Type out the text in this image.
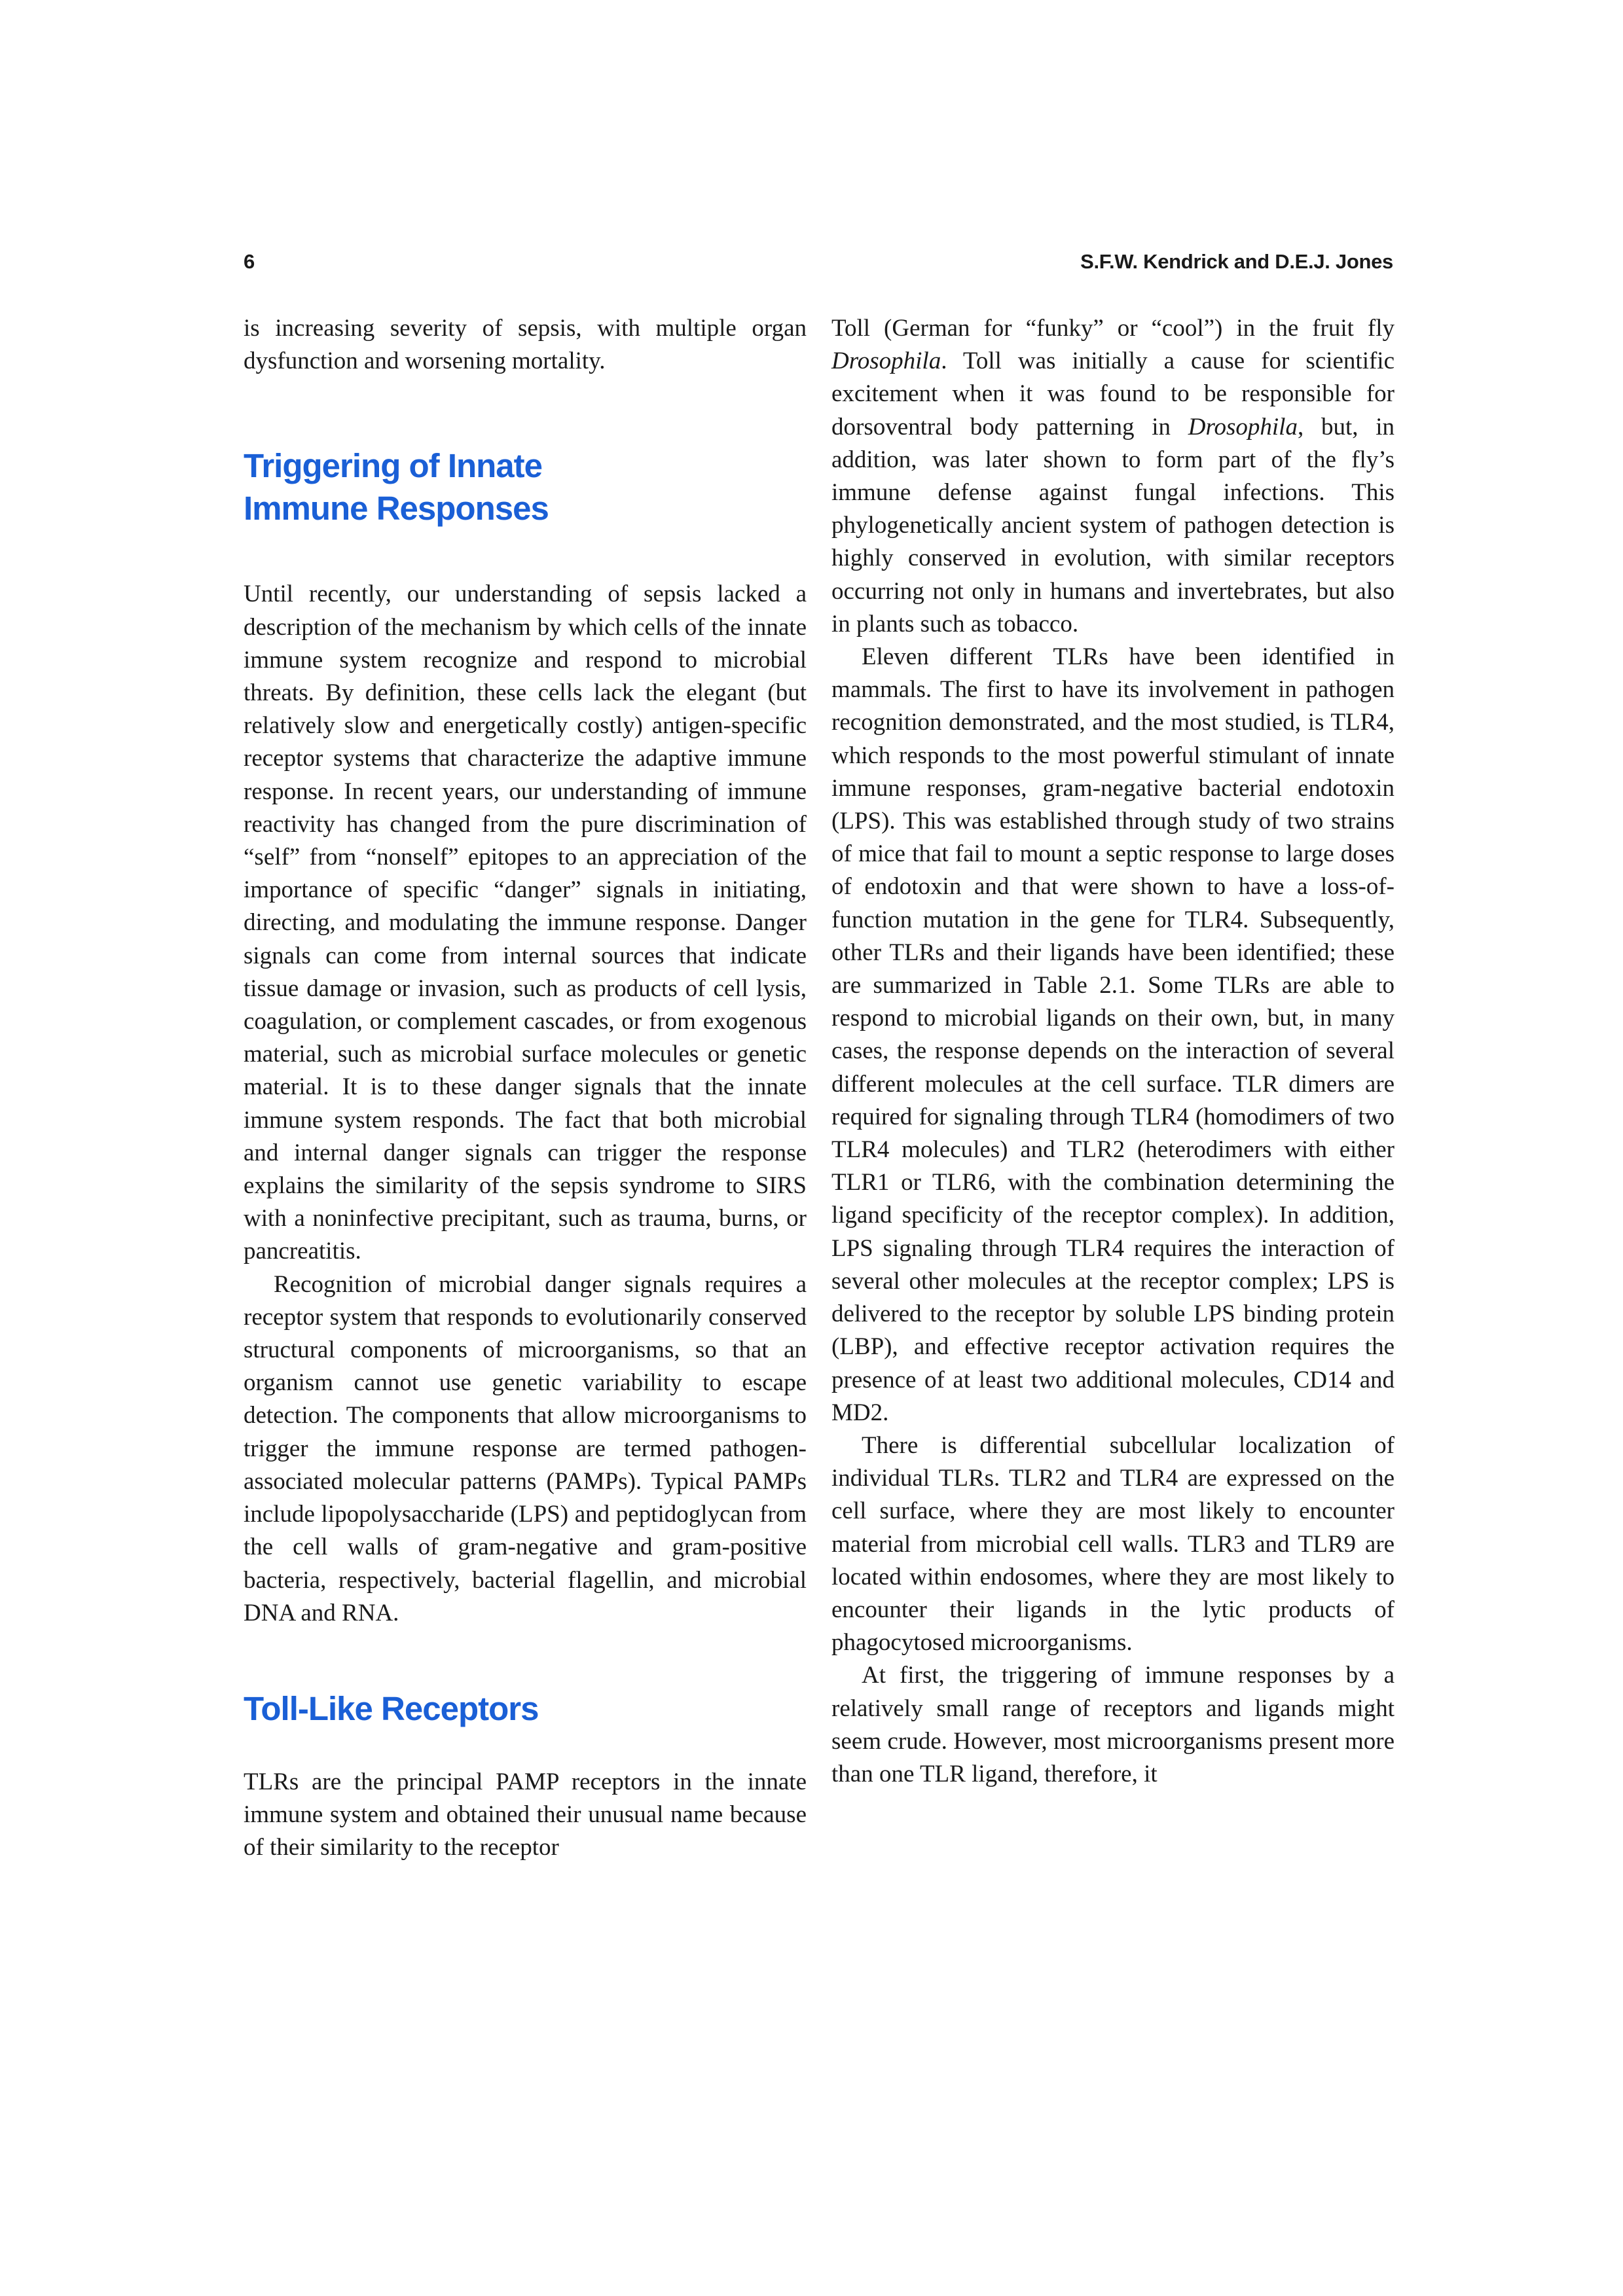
6	S.F.W. Kendrick and D.E.J. Jones

is increasing severity of sepsis, with multiple organ dysfunction and worsening mortality.

Triggering of Innate
Immune Responses

Until recently, our understanding of sepsis lacked a description of the mechanism by which cells of the innate immune system recognize and respond to microbial threats. By definition, these cells lack the elegant (but relatively slow and energetically costly) antigen-specific receptor systems that characterize the adaptive immune response. In recent years, our understanding of immune reactivity has changed from the pure discrimination of “self” from “nonself” epitopes to an appreciation of the importance of specific “danger” signals in initiating, directing, and modulating the immune response. Danger signals can come from internal sources that indicate tissue damage or invasion, such as products of cell lysis, coagulation, or complement cascades, or from exogenous material, such as microbial surface molecules or genetic material. It is to these danger signals that the innate immune system responds. The fact that both microbial and internal danger signals can trigger the response explains the similarity of the sepsis syndrome to SIRS with a noninfective precipitant, such as trauma, burns, or pancreatitis.

Recognition of microbial danger signals requires a receptor system that responds to evolutionarily conserved structural components of microorganisms, so that an organism cannot use genetic variability to escape detection. The components that allow microorganisms to trigger the immune response are termed pathogen-associated molecular patterns (PAMPs). Typical PAMPs include lipopolysaccharide (LPS) and peptidoglycan from the cell walls of gram-negative and gram-positive bacteria, respectively, bacterial flagellin, and microbial DNA and RNA.

Toll-Like Receptors

TLRs are the principal PAMP receptors in the innate immune system and obtained their unusual name because of their similarity to the receptor

Toll (German for “funky” or “cool”) in the fruit fly Drosophila. Toll was initially a cause for scientific excitement when it was found to be responsible for dorsoventral body patterning in Drosophila, but, in addition, was later shown to form part of the fly’s immune defense against fungal infections. This phylogenetically ancient system of pathogen detection is highly conserved in evolution, with similar receptors occurring not only in humans and invertebrates, but also in plants such as tobacco.

Eleven different TLRs have been identified in mammals. The first to have its involvement in pathogen recognition demonstrated, and the most studied, is TLR4, which responds to the most powerful stimulant of innate immune responses, gram-negative bacterial endotoxin (LPS). This was established through study of two strains of mice that fail to mount a septic response to large doses of endotoxin and that were shown to have a loss-of-function mutation in the gene for TLR4. Subsequently, other TLRs and their ligands have been identified; these are summarized in Table 2.1. Some TLRs are able to respond to microbial ligands on their own, but, in many cases, the response depends on the interaction of several different molecules at the cell surface. TLR dimers are required for signaling through TLR4 (homodimers of two TLR4 molecules) and TLR2 (heterodimers with either TLR1 or TLR6, with the combination determining the ligand specificity of the receptor complex). In addition, LPS signaling through TLR4 requires the interaction of several other molecules at the receptor complex; LPS is delivered to the receptor by soluble LPS binding protein (LBP), and effective receptor activation requires the presence of at least two additional molecules, CD14 and MD2.

There is differential subcellular localization of individual TLRs. TLR2 and TLR4 are expressed on the cell surface, where they are most likely to encounter material from microbial cell walls. TLR3 and TLR9 are located within endosomes, where they are most likely to encounter their ligands in the lytic products of phagocytosed microorganisms.

At first, the triggering of immune responses by a relatively small range of receptors and ligands might seem crude. However, most microorganisms present more than one TLR ligand, therefore, it
